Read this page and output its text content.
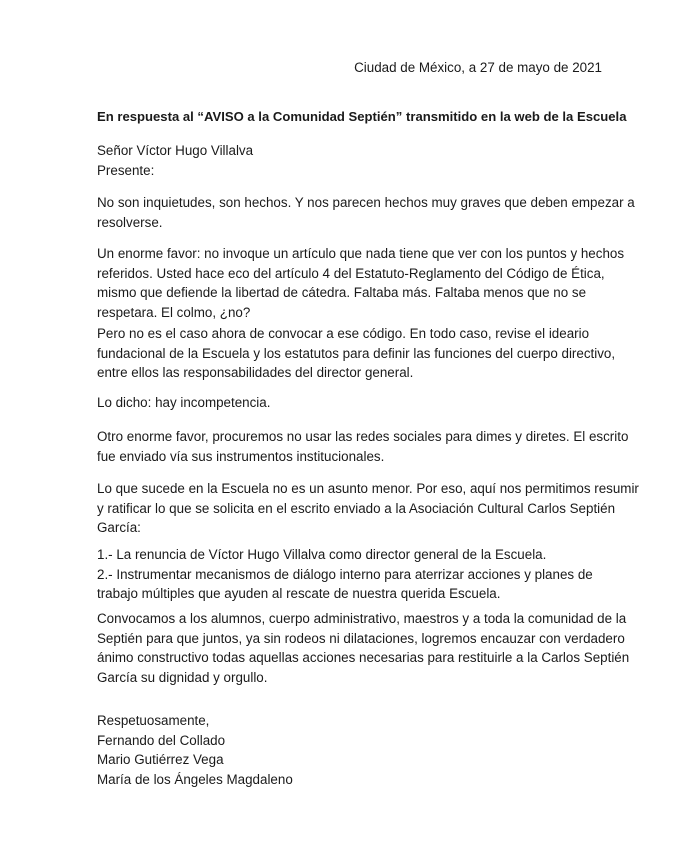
Ciudad de México, a 27 de mayo de 2021
En respuesta al “AVISO a la Comunidad Septién” transmitido en la web de la Escuela
Señor Víctor Hugo Villalva
Presente:
No son inquietudes, son hechos. Y nos parecen hechos muy graves que deben empezar a
resolverse.
Un enorme favor: no invoque un artículo que nada tiene que ver con los puntos y hechos
referidos. Usted hace eco del artículo 4 del Estatuto-Reglamento del Código de Ética,
mismo que defiende la libertad de cátedra. Faltaba más. Faltaba menos que no se
respetara. El colmo, ¿no?
Pero no es el caso ahora de convocar a ese código. En todo caso, revise el ideario
fundacional de la Escuela y los estatutos para definir las funciones del cuerpo directivo,
entre ellos las responsabilidades del director general.
Lo dicho: hay incompetencia.
Otro enorme favor, procuremos no usar las redes sociales para dimes y diretes. El escrito
fue enviado vía sus instrumentos institucionales.
Lo que sucede en la Escuela no es un asunto menor. Por eso, aquí nos permitimos resumir
y ratificar lo que se solicita en el escrito enviado a la Asociación Cultural Carlos Septién
García:
1.- La renuncia de Víctor Hugo Villalva como director general de la Escuela.
2.- Instrumentar mecanismos de diálogo interno para aterrizar acciones y planes de
trabajo múltiples que ayuden al rescate de nuestra querida Escuela.
Convocamos a los alumnos, cuerpo administrativo, maestros y a toda la comunidad de la
Septién para que juntos, ya sin rodeos ni dilataciones, logremos encauzar con verdadero
ánimo constructivo todas aquellas acciones necesarias para restituirle a la Carlos Septién
García su dignidad y orgullo.
Respetuosamente,
Fernando del Collado
Mario Gutiérrez Vega
María de los Ángeles Magdaleno
